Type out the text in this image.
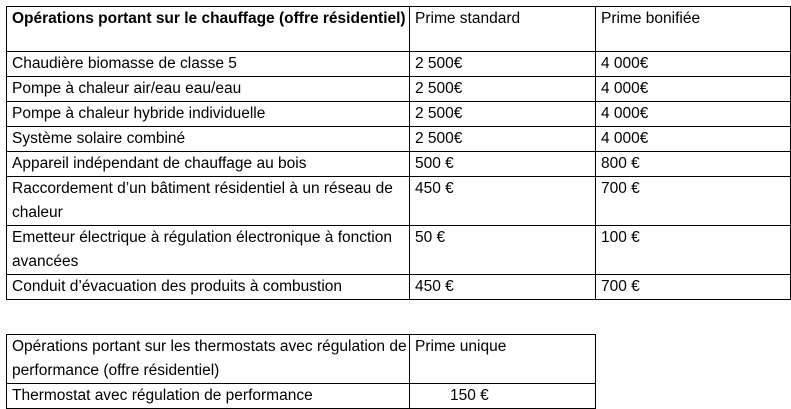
Opérations portant sur le chauffage (offre résidentiel)	Prime standard	Prime bonifiée
Chaudière biomasse de classe 5	2 500€	4 000€
Pompe à chaleur air/eau eau/eau	2 500€	4 000€
Pompe à chaleur hybride individuelle	2 500€	4 000€
Système solaire combiné	2 500€	4 000€
Appareil indépendant de chauffage au bois	500 €	800 €
Raccordement d’un bâtiment résidentiel à un réseau de chaleur	450 €	700 €
Emetteur électrique à régulation électronique à fonction avancées	50 €	100 €
Conduit d’évacuation des produits à combustion	450 €	700 €
Opérations portant sur les thermostats avec régulation de performance (offre résidentiel)	Prime unique
Thermostat avec régulation de performance	150 €
